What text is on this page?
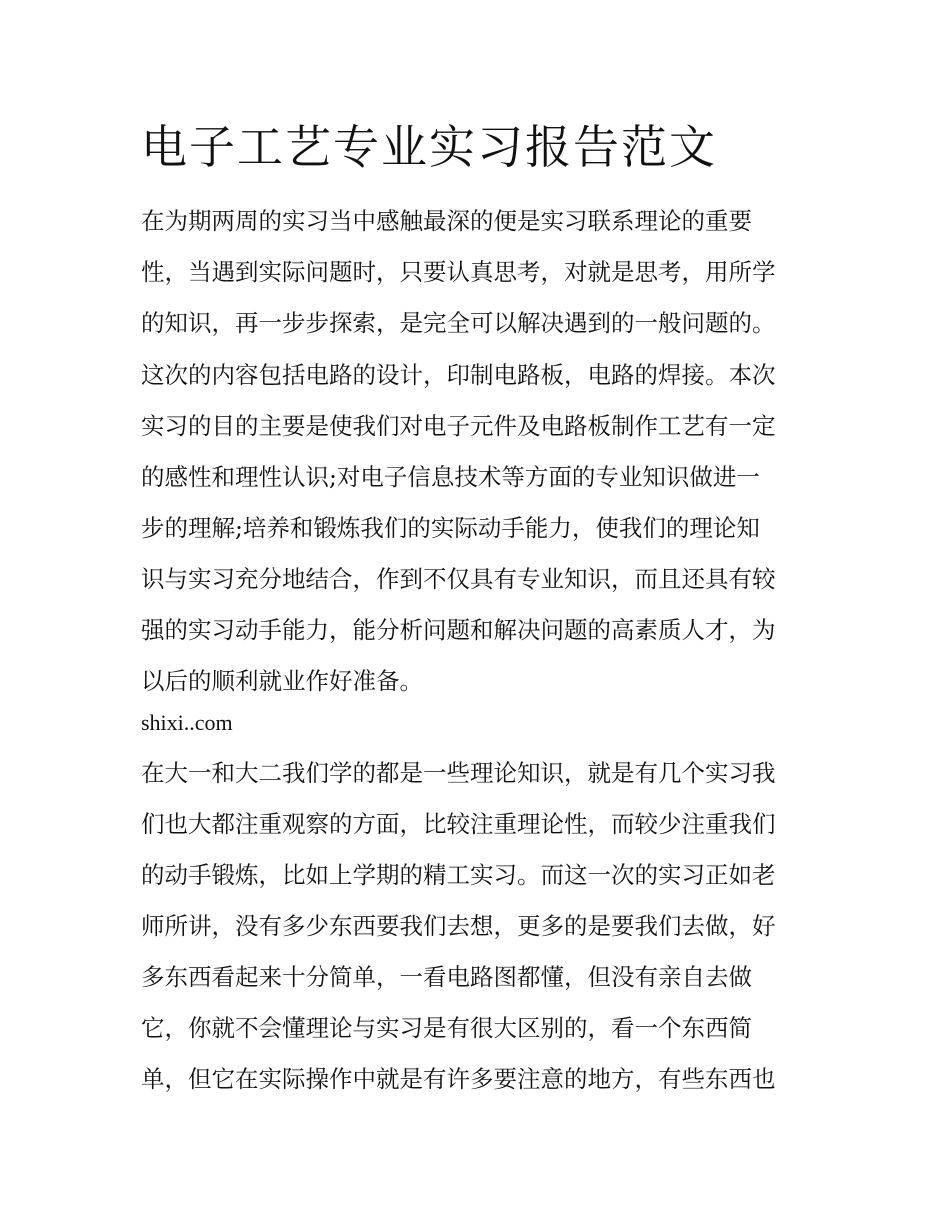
电子工艺专业实习报告范文

在为期两周的实习当中感触最深的便是实习联系理论的重要

性，当遇到实际问题时，只要认真思考，对就是思考，用所学

的知识，再一步步探索，是完全可以解决遇到的一般问题的。

这次的内容包括电路的设计，印制电路板，电路的焊接。本次

实习的目的主要是使我们对电子元件及电路板制作工艺有一定

的感性和理性认识;对电子信息技术等方面的专业知识做进一

步的理解;培养和锻炼我们的实际动手能力，使我们的理论知

识与实习充分地结合，作到不仅具有专业知识，而且还具有较

强的实习动手能力，能分析问题和解决问题的高素质人才，为

以后的顺利就业作好准备。

shixi..com

在大一和大二我们学的都是一些理论知识，就是有几个实习我

们也大都注重观察的方面，比较注重理论性，而较少注重我们

的动手锻炼，比如上学期的精工实习。而这一次的实习正如老

师所讲，没有多少东西要我们去想，更多的是要我们去做，好

多东西看起来十分简单，一看电路图都懂，但没有亲自去做

它，你就不会懂理论与实习是有很大区别的，看一个东西简

单，但它在实际操作中就是有许多要注意的地方，有些东西也
